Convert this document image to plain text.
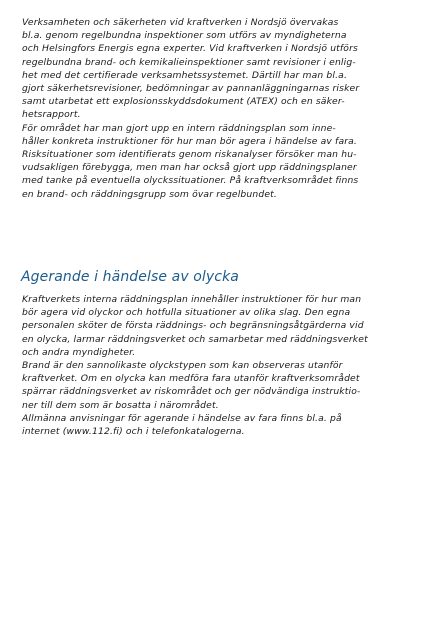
Verksamheten och säkerheten vid kraftverken i Nordsjö övervakas
bl.a. genom regelbundna inspektioner som utförs av myndigheterna
och Helsingfors Energis egna experter. Vid kraftverken i Nordsjö utförs
regelbundna brand- och kemikalieinspektioner samt revisioner i enlig-
het med det certifierade verksamhetssystemet. Därtill har man bl.a.
gjort säkerhetsrevisioner, bedömningar av pannanläggningarnas risker
samt utarbetat ett explosionsskyddsdokument (ATEX) och en säker-
hetsrapport.

För området har man gjort upp en intern räddningsplan som inne-
håller konkreta instruktioner för hur man bör agera i händelse av fara.
Risksituationer som identifierats genom riskanalyser försöker man hu-
vudsakligen förebygga, men man har också gjort upp räddningsplaner
med tanke på eventuella olyckssituationer. På kraftverksområdet finns
en brand- och räddningsgrupp som övar regelbundet.

Agerande i händelse av olycka

Kraftverkets interna räddningsplan innehåller instruktioner för hur man
bör agera vid olyckor och hotfulla situationer av olika slag. Den egna
personalen sköter de första räddnings- och begränsningsåtgärderna vid
en olycka, larmar räddningsverket och samarbetar med räddningsverket
och andra myndigheter.

Brand är den sannolikaste olyckstypen som kan observeras utanför
kraftverket. Om en olycka kan medföra fara utanför kraftverksområdet
spärrar räddningsverket av riskområdet och ger nödvändiga instruktio-
ner till dem som är bosatta i närområdet.

Allmänna anvisningar för agerande i händelse av fara finns bl.a. på
internet (www.112.fi) och i telefonkatalogerna.
